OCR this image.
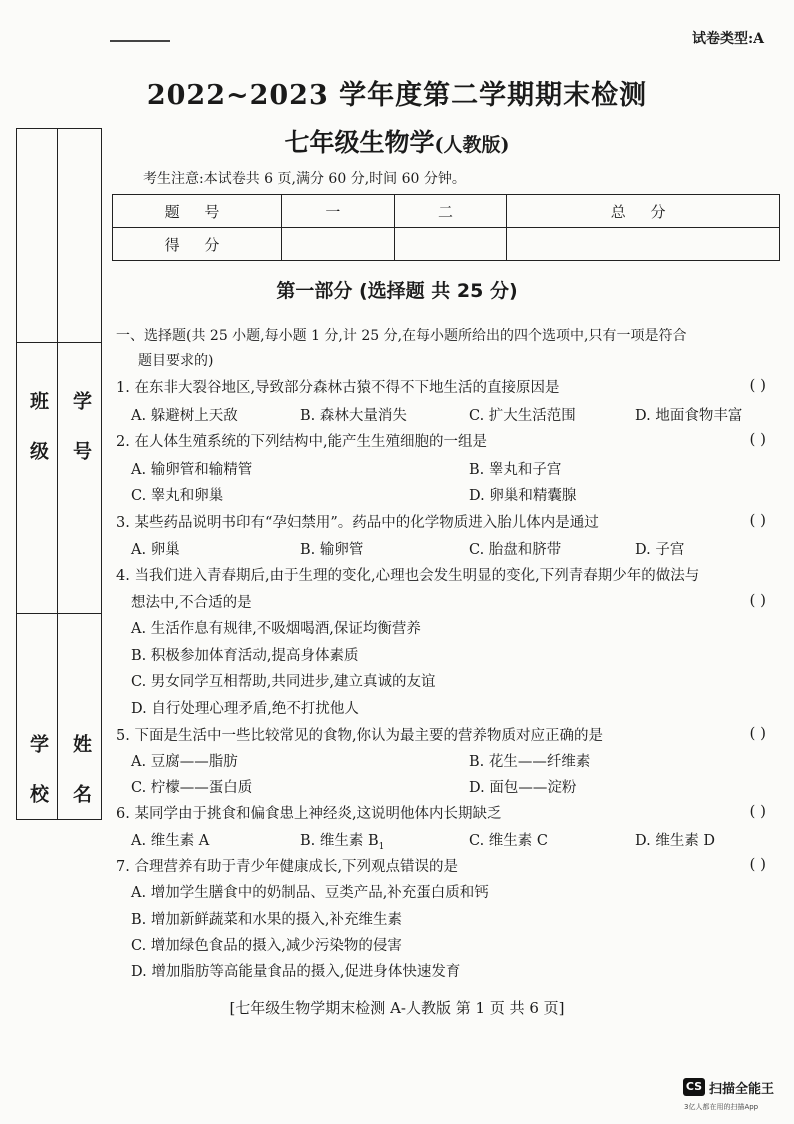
试卷类型:A
2022~2023 学年度第二学期期末检测
七年级生物学(人教版)
考生注意:本试卷共 6 页,满分 60 分,时间 60 分钟。
题 号	一	二	总 分
得 分			
班 级 学 号
学 校 姓 名
第一部分 (选择题 共 25 分)
一、选择题(共 25 小题,每小题 1 分,计 25 分,在每小题所给出的四个选项中,只有一项是符合
题目要求的)
1. 在东非大裂谷地区,导致部分森林古猿不得不下地生活的直接原因是	( )
A. 躲避树上天敌	B. 森林大量消失	C. 扩大生活范围	D. 地面食物丰富
2. 在人体生殖系统的下列结构中,能产生生殖细胞的一组是	( )
A. 输卵管和输精管	B. 睾丸和子宫
C. 睾丸和卵巢	D. 卵巢和精囊腺
3. 某些药品说明书印有“孕妇禁用”。药品中的化学物质进入胎儿体内是通过	( )
A. 卵巢	B. 输卵管	C. 胎盘和脐带	D. 子宫
4. 当我们进入青春期后,由于生理的变化,心理也会发生明显的变化,下列青春期少年的做法与
想法中,不合适的是	( )
A. 生活作息有规律,不吸烟喝酒,保证均衡营养
B. 积极参加体育活动,提高身体素质
C. 男女同学互相帮助,共同进步,建立真诚的友谊
D. 自行处理心理矛盾,绝不打扰他人
5. 下面是生活中一些比较常见的食物,你认为最主要的营养物质对应正确的是	( )
A. 豆腐——脂肪	B. 花生——纤维素
C. 柠檬——蛋白质	D. 面包——淀粉
6. 某同学由于挑食和偏食患上神经炎,这说明他体内长期缺乏	( )
A. 维生素 A	B. 维生素 $B_1$	C. 维生素 C	D. 维生素 D
7. 合理营养有助于青少年健康成长,下列观点错误的是	( )
A. 增加学生膳食中的奶制品、豆类产品,补充蛋白质和钙
B. 增加新鲜蔬菜和水果的摄入,补充维生素
C. 增加绿色食品的摄入,减少污染物的侵害
D. 增加脂肪等高能量食品的摄入,促进身体快速发育
[七年级生物学期末检测 A-人教版 第 1 页 共 6 页]
CS 扫描全能王
3亿人都在用的扫描App
